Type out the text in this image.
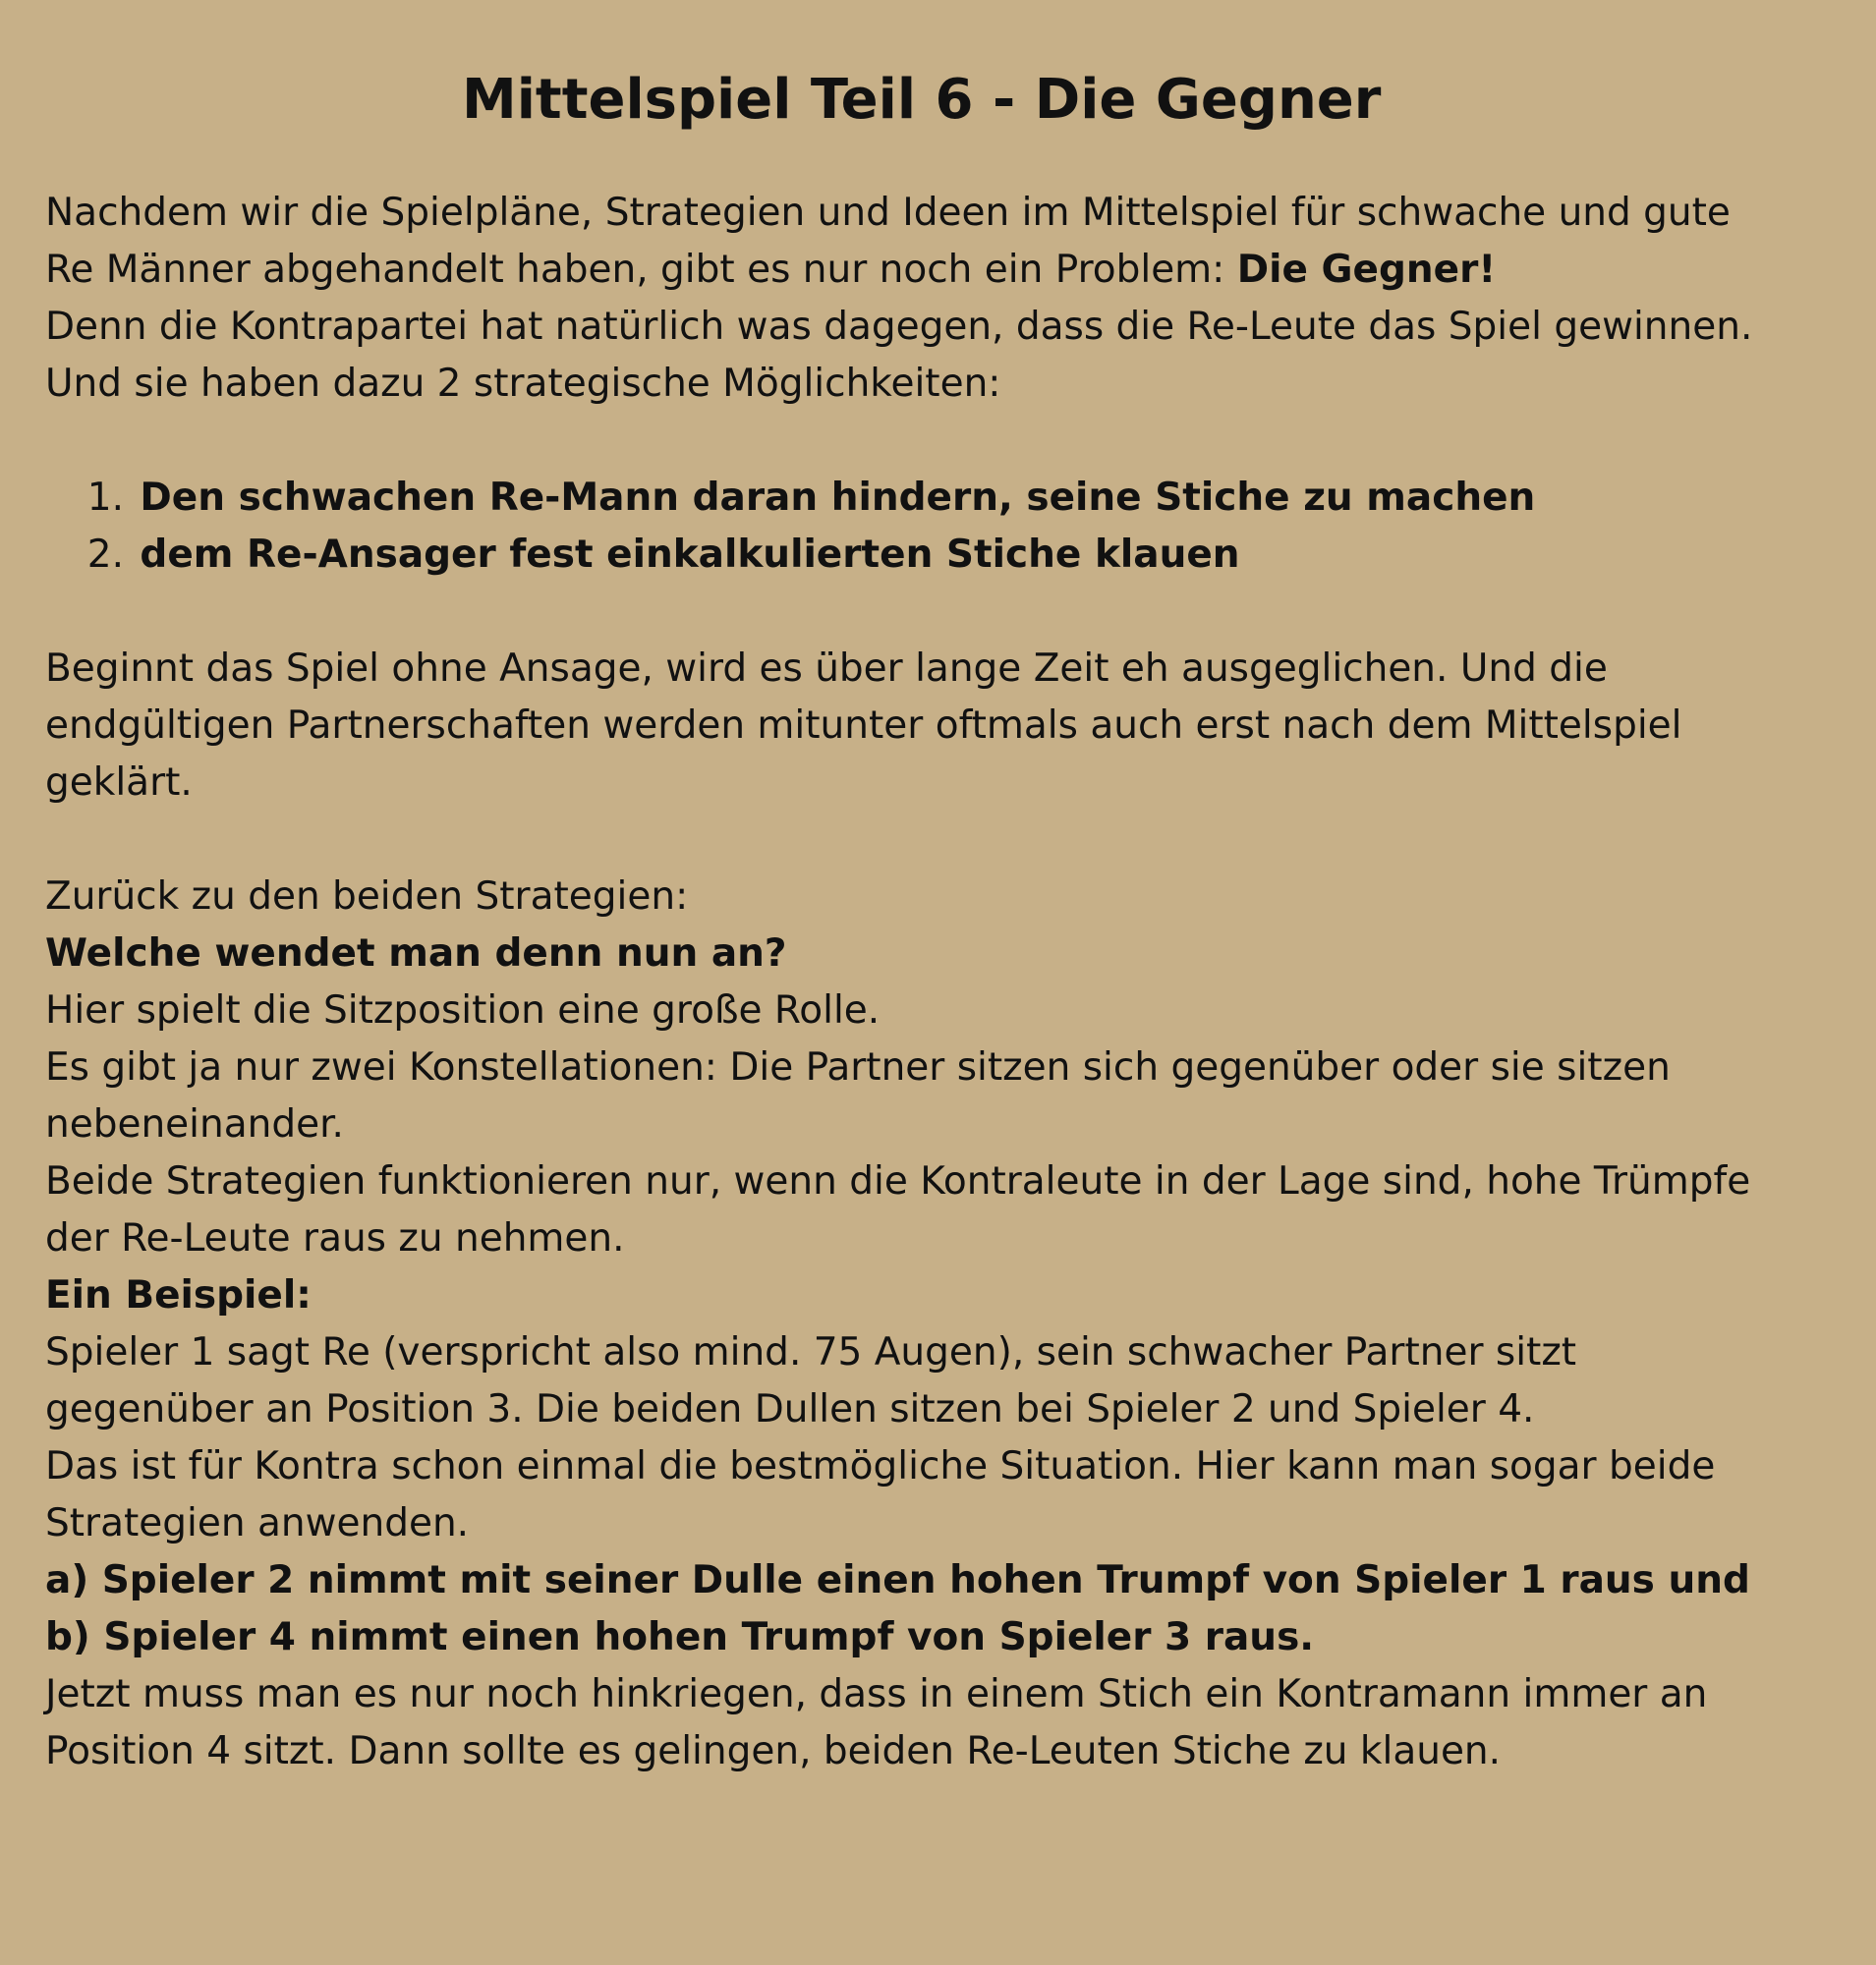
Mittelspiel Teil 6 - Die Gegner
Nachdem wir die Spielpläne, Strategien und Ideen im Mittelspiel für schwache und gute
Re Männer abgehandelt haben, gibt es nur noch ein Problem: Die Gegner!
Denn die Kontrapartei hat natürlich was dagegen, dass die Re-Leute das Spiel gewinnen.
Und sie haben dazu 2 strategische Möglichkeiten:
1. Den schwachen Re-Mann daran hindern, seine Stiche zu machen
2. dem Re-Ansager fest einkalkulierten Stiche klauen
Beginnt das Spiel ohne Ansage, wird es über lange Zeit eh ausgeglichen. Und die
endgültigen Partnerschaften werden mitunter oftmals auch erst nach dem Mittelspiel
geklärt.
Zurück zu den beiden Strategien:
Welche wendet man denn nun an?
Hier spielt die Sitzposition eine große Rolle.
Es gibt ja nur zwei Konstellationen: Die Partner sitzen sich gegenüber oder sie sitzen
nebeneinander.
Beide Strategien funktionieren nur, wenn die Kontraleute in der Lage sind, hohe Trümpfe
der Re-Leute raus zu nehmen.
Ein Beispiel:
Spieler 1 sagt Re (verspricht also mind. 75 Augen), sein schwacher Partner sitzt
gegenüber an Position 3. Die beiden Dullen sitzen bei Spieler 2 und Spieler 4.
Das ist für Kontra schon einmal die bestmögliche Situation. Hier kann man sogar beide
Strategien anwenden.
a) Spieler 2 nimmt mit seiner Dulle einen hohen Trumpf von Spieler 1 raus und
b) Spieler 4 nimmt einen hohen Trumpf von Spieler 3 raus.
Jetzt muss man es nur noch hinkriegen, dass in einem Stich ein Kontramann immer an
Position 4 sitzt. Dann sollte es gelingen, beiden Re-Leuten Stiche zu klauen.
